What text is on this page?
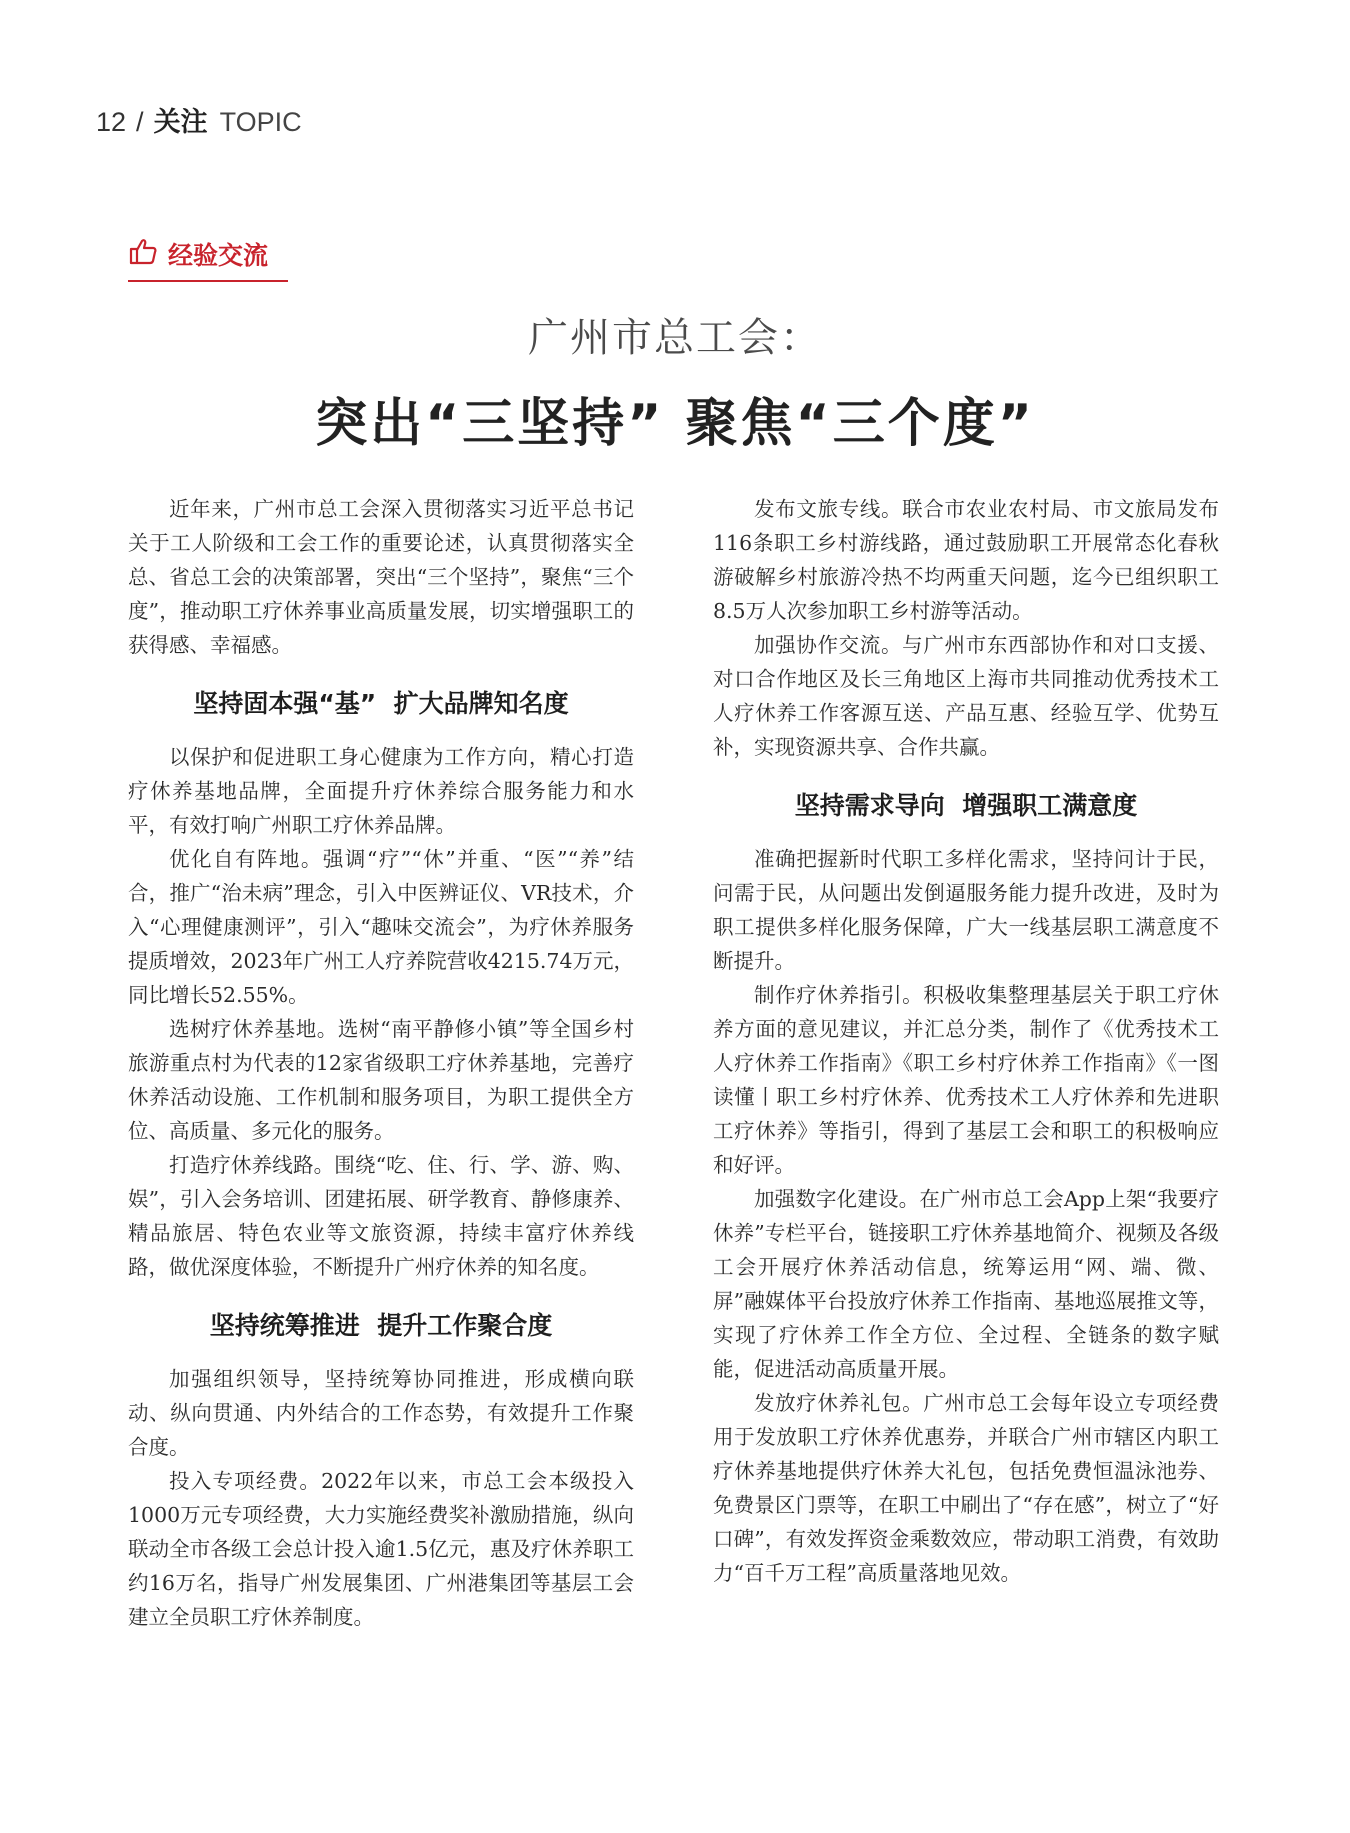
12 / 关注 TOPIC
经验交流
广州市总工会：
突出“三坚持” 聚焦“三个度”

近年来，广州市总工会深入贯彻落实习近平总书记关于工人阶级和工会工作的重要论述，认真贯彻落实全总、省总工会的决策部署，突出“三个坚持”，聚焦“三个度”，推动职工疗休养事业高质量发展，切实增强职工的获得感、幸福感。

坚持固本强“基”  扩大品牌知名度

以保护和促进职工身心健康为工作方向，精心打造疗休养基地品牌，全面提升疗休养综合服务能力和水平，有效打响广州职工疗休养品牌。

优化自有阵地。强调“疗”“休”并重、“医”“养”结合，推广“治未病”理念，引入中医辨证仪、VR技术，介入“心理健康测评”，引入“趣味交流会”，为疗休养服务提质增效，2023年广州工人疗养院营收4215.74万元，同比增长52.55%。

选树疗休养基地。选树“南平静修小镇”等全国乡村旅游重点村为代表的12家省级职工疗休养基地，完善疗休养活动设施、工作机制和服务项目，为职工提供全方位、高质量、多元化的服务。

打造疗休养线路。围绕“吃、住、行、学、游、购、娱”，引入会务培训、团建拓展、研学教育、静修康养、精品旅居、特色农业等文旅资源，持续丰富疗休养线路，做优深度体验，不断提升广州疗休养的知名度。

坚持统筹推进  提升工作聚合度

加强组织领导，坚持统筹协同推进，形成横向联动、纵向贯通、内外结合的工作态势，有效提升工作聚合度。

投入专项经费。2022年以来，市总工会本级投入1000万元专项经费，大力实施经费奖补激励措施，纵向联动全市各级工会总计投入逾1.5亿元，惠及疗休养职工约16万名，指导广州发展集团、广州港集团等基层工会建立全员职工疗休养制度。

发布文旅专线。联合市农业农村局、市文旅局发布116条职工乡村游线路，通过鼓励职工开展常态化春秋游破解乡村旅游冷热不均两重天问题，迄今已组织职工8.5万人次参加职工乡村游等活动。

加强协作交流。与广州市东西部协作和对口支援、对口合作地区及长三角地区上海市共同推动优秀技术工人疗休养工作客源互送、产品互惠、经验互学、优势互补，实现资源共享、合作共赢。

坚持需求导向  增强职工满意度

准确把握新时代职工多样化需求，坚持问计于民，问需于民，从问题出发倒逼服务能力提升改进，及时为职工提供多样化服务保障，广大一线基层职工满意度不断提升。

制作疗休养指引。积极收集整理基层关于职工疗休养方面的意见建议，并汇总分类，制作了《优秀技术工人疗休养工作指南》《职工乡村疗休养工作指南》《一图读懂丨职工乡村疗休养、优秀技术工人疗休养和先进职工疗休养》等指引，得到了基层工会和职工的积极响应和好评。

加强数字化建设。在广州市总工会App上架“我要疗休养”专栏平台，链接职工疗休养基地简介、视频及各级工会开展疗休养活动信息，统筹运用“网、端、微、屏”融媒体平台投放疗休养工作指南、基地巡展推文等，实现了疗休养工作全方位、全过程、全链条的数字赋能，促进活动高质量开展。

发放疗休养礼包。广州市总工会每年设立专项经费用于发放职工疗休养优惠券，并联合广州市辖区内职工疗休养基地提供疗休养大礼包，包括免费恒温泳池券、免费景区门票等，在职工中刷出了“存在感”，树立了“好口碑”，有效发挥资金乘数效应，带动职工消费，有效助力“百千万工程”高质量落地见效。
